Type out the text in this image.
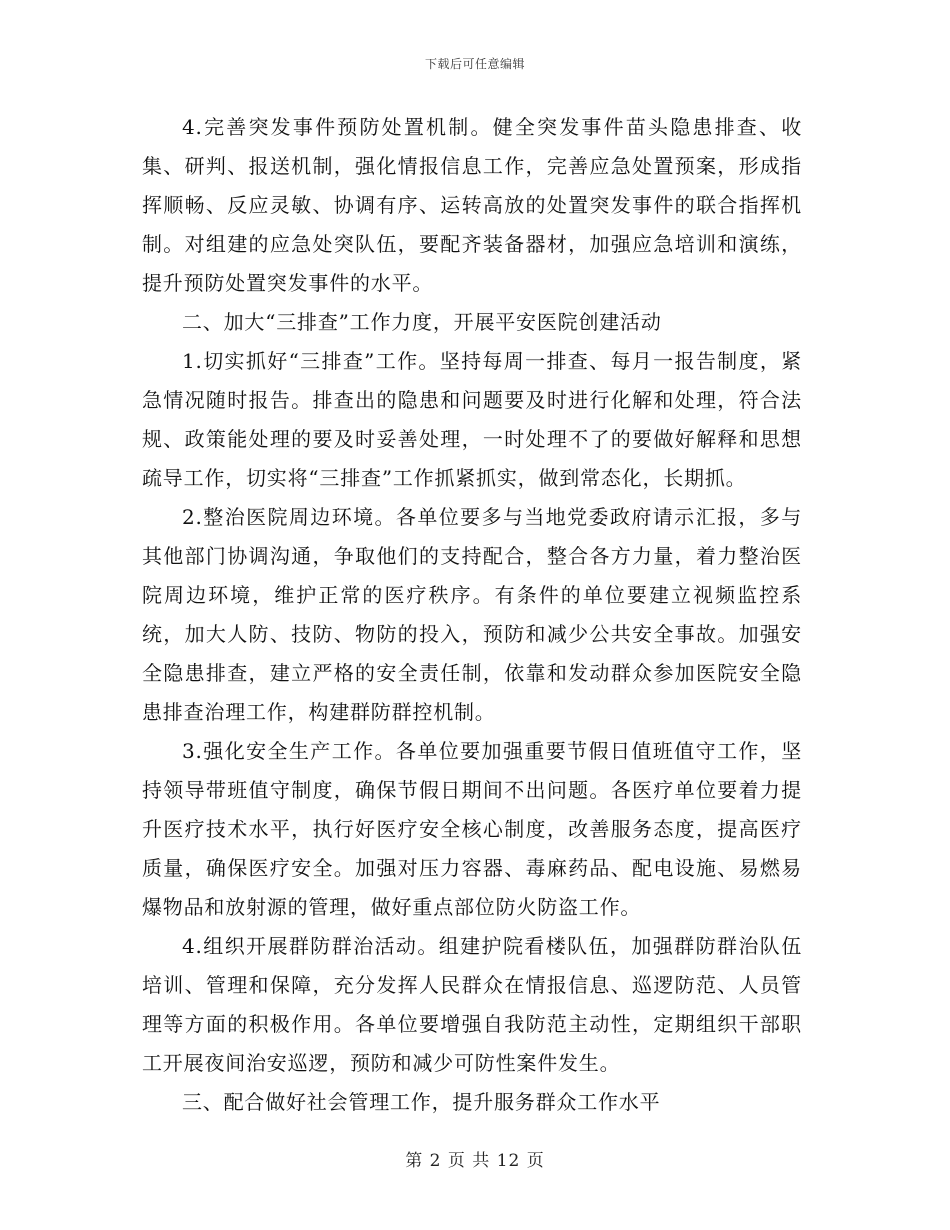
下载后可任意编辑

4.完善突发事件预防处置机制。健全突发事件苗头隐患排查、收集、研判、报送机制，强化情报信息工作，完善应急处置预案，形成指挥顺畅、反应灵敏、协调有序、运转高放的处置突发事件的联合指挥机制。对组建的应急处突队伍，要配齐装备器材，加强应急培训和演练，提升预防处置突发事件的水平。

二、加大“三排查”工作力度，开展平安医院创建活动

1.切实抓好“三排查”工作。坚持每周一排查、每月一报告制度，紧急情况随时报告。排查出的隐患和问题要及时进行化解和处理，符合法规、政策能处理的要及时妥善处理，一时处理不了的要做好解释和思想疏导工作，切实将“三排查”工作抓紧抓实，做到常态化，长期抓。

2.整治医院周边环境。各单位要多与当地党委政府请示汇报，多与其他部门协调沟通，争取他们的支持配合，整合各方力量，着力整治医院周边环境，维护正常的医疗秩序。有条件的单位要建立视频监控系统，加大人防、技防、物防的投入，预防和减少公共安全事故。加强安全隐患排查，建立严格的安全责任制，依靠和发动群众参加医院安全隐患排查治理工作，构建群防群控机制。

3.强化安全生产工作。各单位要加强重要节假日值班值守工作，坚持领导带班值守制度，确保节假日期间不出问题。各医疗单位要着力提升医疗技术水平，执行好医疗安全核心制度，改善服务态度，提高医疗质量，确保医疗安全。加强对压力容器、毒麻药品、配电设施、易燃易爆物品和放射源的管理，做好重点部位防火防盗工作。

4.组织开展群防群治活动。组建护院看楼队伍，加强群防群治队伍培训、管理和保障，充分发挥人民群众在情报信息、巡逻防范、人员管理等方面的积极作用。各单位要增强自我防范主动性，定期组织干部职工开展夜间治安巡逻，预防和减少可防性案件发生。

三、配合做好社会管理工作，提升服务群众工作水平

第 2 页 共 12 页
